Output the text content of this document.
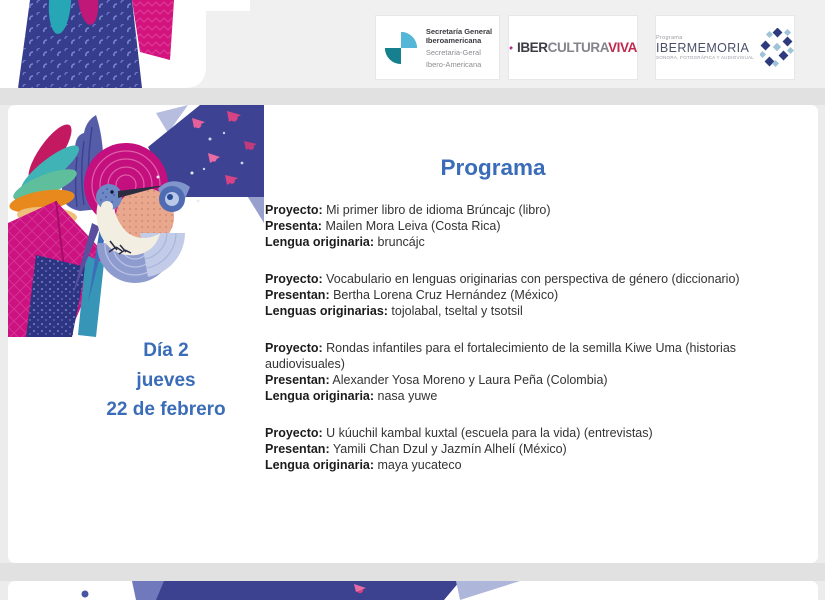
Secretaría General
Iberoamericana
Secretaria-Geral
Ibero-Americana
IBERCULTURAVIVA
Programa
IBERMEMORIA
SONORA, FOTOGRÁFICA Y AUDIOVISUAL
Programa
Día 2
jueves
22 de febrero
Proyecto: Mi primer libro de idioma Brúncajc (libro)
Presenta: Mailen Mora Leiva (Costa Rica)
Lengua originaria: bruncájc
Proyecto: Vocabulario en lenguas originarias con perspectiva de género (diccionario)
Presentan: Bertha Lorena Cruz Hernández (México)
Lenguas originarias: tojolabal, tseltal y tsotsil
Proyecto: Rondas infantiles para el fortalecimiento de la semilla Kiwe Uma (historias audiovisuales)
Presentan: Alexander Yosa Moreno y Laura Peña (Colombia)
Lengua originaria: nasa yuwe
Proyecto: U kúuchil kambal kuxtal (escuela para la vida) (entrevistas)
Presentan: Yamili Chan Dzul y Jazmín Alhelí (México)
Lengua originaria: maya yucateco
